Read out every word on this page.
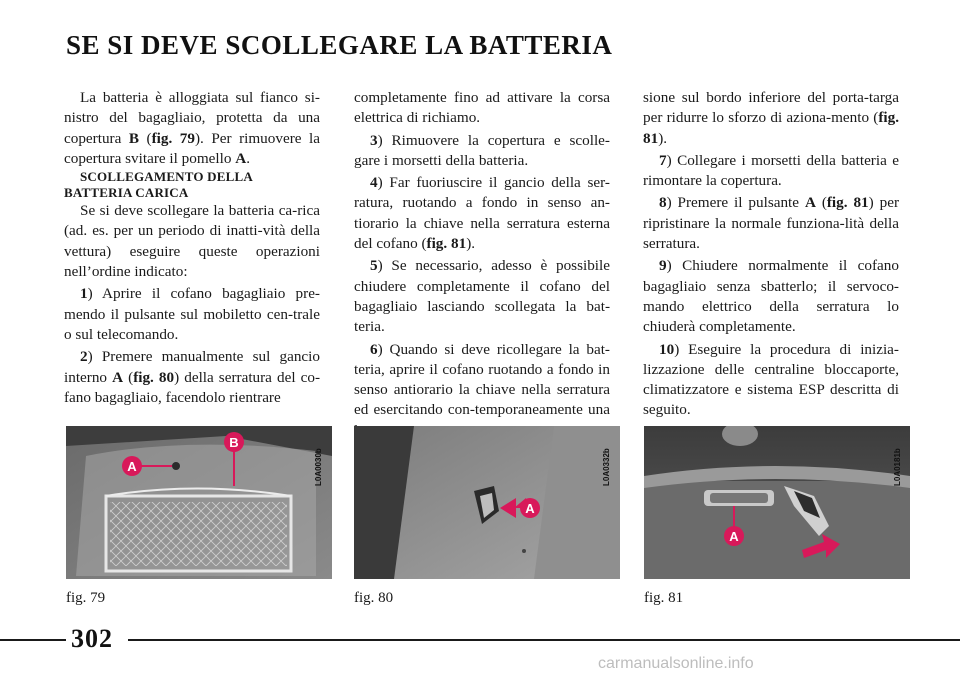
SE SI DEVE SCOLLEGARE LA BATTERIA

La batteria è alloggiata sul fianco si-nistro del bagagliaio, protetta da una copertura B (fig. 79). Per rimuovere la copertura svitare il pomello A.

SCOLLEGAMENTO DELLA BATTERIA CARICA

Se si deve scollegare la batteria ca-rica (ad. es. per un periodo di inatti-vità della vettura) eseguire queste operazioni nell’ordine indicato:

1) Aprire il cofano bagagliaio pre-mendo il pulsante sul mobiletto cen-trale o sul telecomando.

2) Premere manualmente sul gancio interno A (fig. 80) della serratura del co-fano bagagliaio, facendolo rientrare

completamente fino ad attivare la corsa elettrica di richiamo.

3) Rimuovere la copertura e scolle-gare i morsetti della batteria.

4) Far fuoriuscire il gancio della ser-ratura, ruotando a fondo in senso an-tiorario la chiave nella serratura esterna del cofano (fig. 81).

5) Se necessario, adesso è possibile chiudere completamente il cofano del bagagliaio lasciando scollegata la bat-teria.

6) Quando si deve ricollegare la bat-teria, aprire il cofano ruotando a fondo in senso antiorario la chiave nella serratura ed esercitando con-temporaneamente una

sione sul bordo inferiore del porta-targa per ridurre lo sforzo di aziona-mento (fig. 81).

7) Collegare i morsetti della batteria e rimontare la copertura.

8) Premere il pulsante A (fig. 81) per ripristinare la normale funziona-lità della serratura.

9) Chiudere normalmente il cofano bagagliaio senza sbatterlo; il servoco-mando elettrico della serratura lo chiuderà completamente.

10) Eseguire la procedura di inizia-lizzazione delle centraline bloccaporte, climatizzatore e sistema ESP descritta di seguito.

A
B
L0A0030b
fig. 79
A
L0A0332b
fig. 80
A
L0A0181b
fig. 81
302
carmanualsonline.info
